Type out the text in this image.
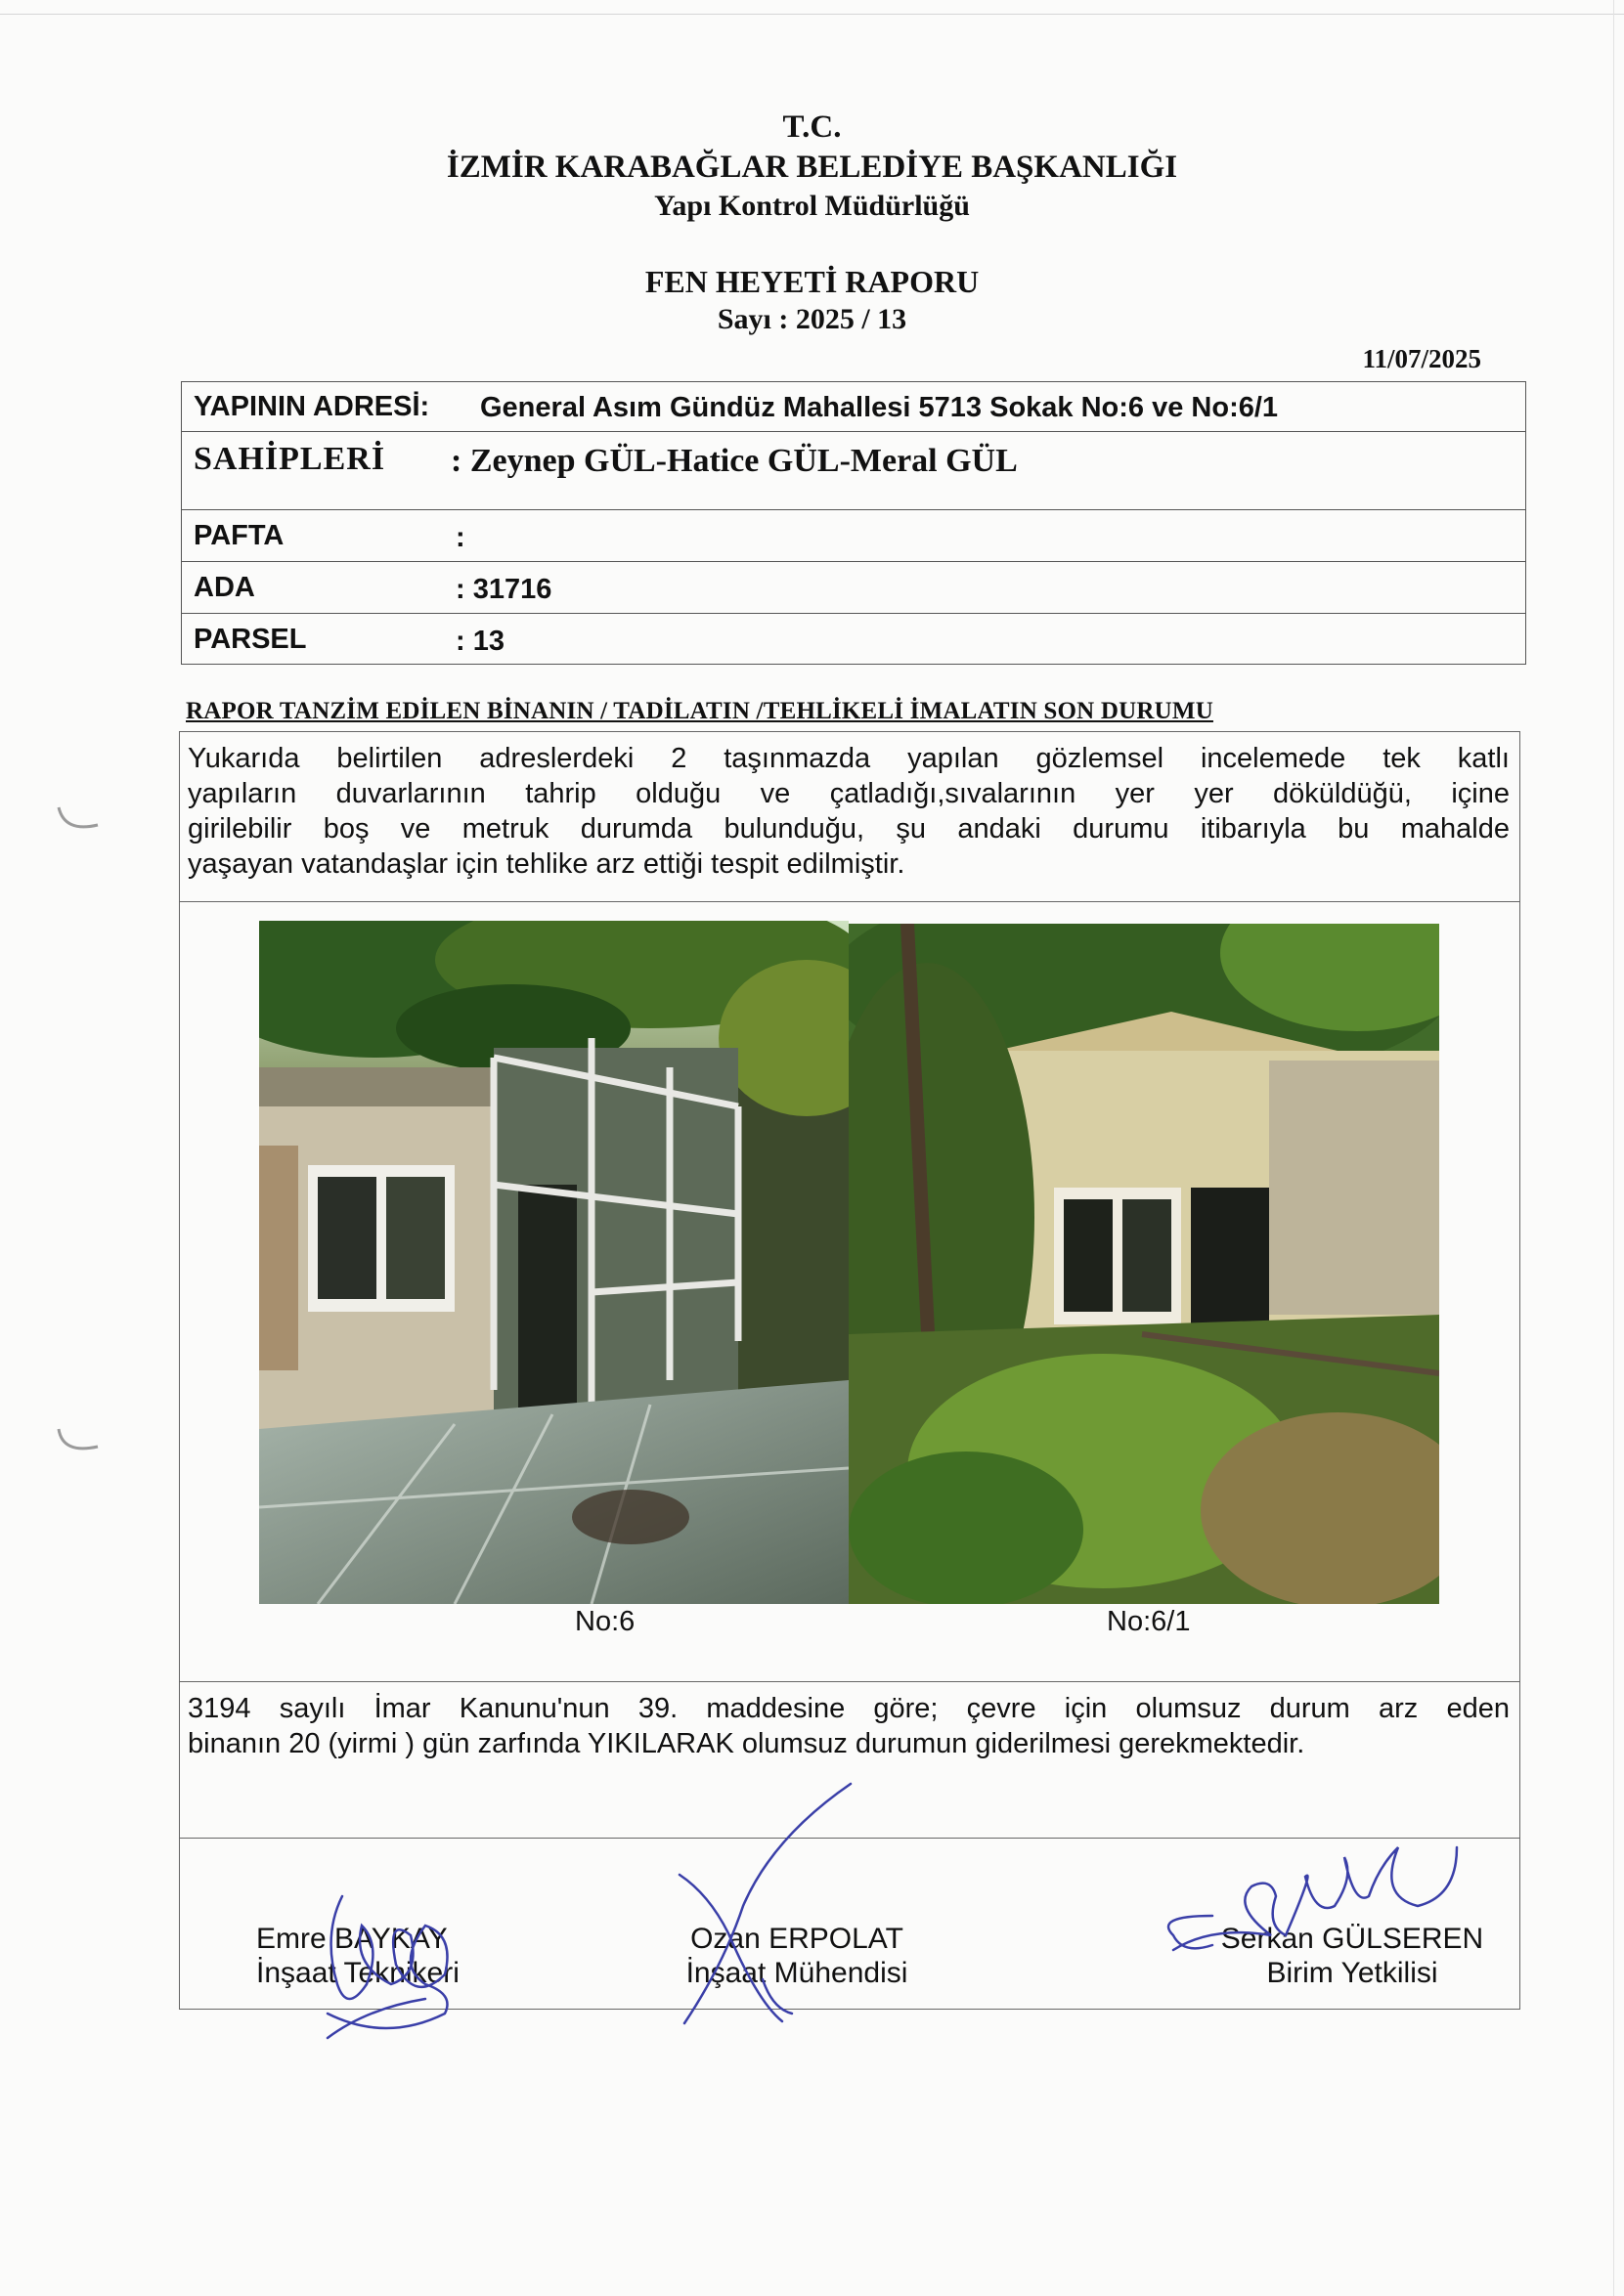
T.C.
İZMİR KARABAĞLAR BELEDİYE BAŞKANLIĞI
Yapı Kontrol Müdürlüğü
FEN HEYETİ RAPORU
Sayı : 2025 / 13
11/07/2025
YAPININ ADRESİ: General Asım Gündüz Mahallesi 5713 Sokak No:6 ve No:6/1
SAHİPLERİ : Zeynep GÜL-Hatice GÜL-Meral GÜL
PAFTA	:
ADA	: 31716
PARSEL	: 13
RAPOR TANZİM EDİLEN BİNANIN / TADİLATIN /TEHLİKELİ İMALATIN SON DURUMU
Yukarıda belirtilen adreslerdeki 2 taşınmazda yapılan gözlemsel incelemede tek katlı
yapıların duvarlarının tahrip olduğu ve çatladığı,sıvalarının yer yer döküldüğü, içine
girilebilir boş ve metruk durumda bulunduğu, şu andaki durumu itibarıyla bu mahalde
yaşayan vatandaşlar için tehlike arz ettiği tespit edilmiştir.
No:6	No:6/1
3194 sayılı İmar Kanunu'nun 39. maddesine göre; çevre için olumsuz durum arz eden
binanın 20 (yirmi ) gün zarfında YIKILARAK olumsuz durumun giderilmesi gerekmektedir.
Emre BAYKAY
İnşaat Teknikeri
Ozan ERPOLAT
İnşaat Mühendisi
Serkan GÜLSEREN
Birim Yetkilisi
